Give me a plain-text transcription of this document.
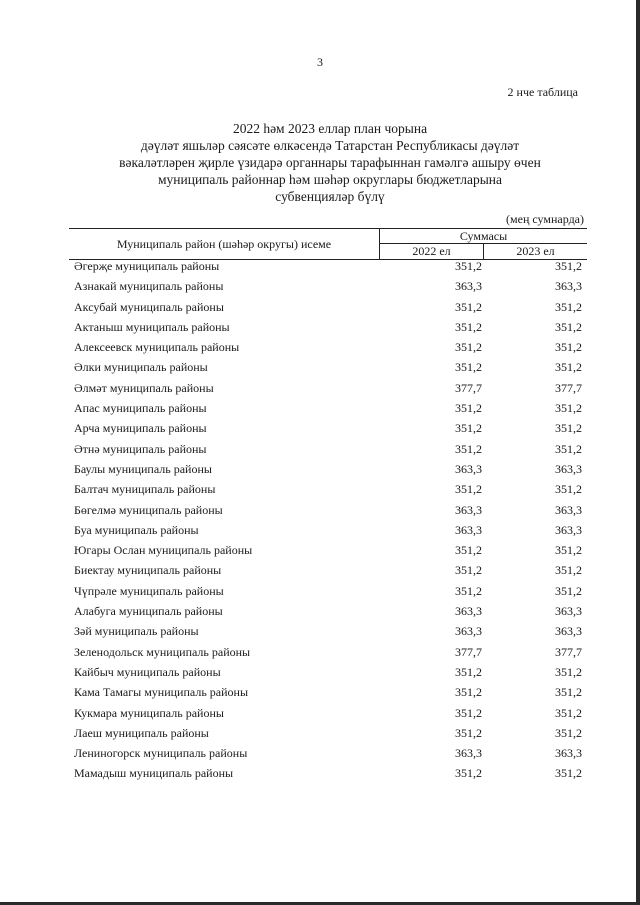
3
2 нче таблица
2022 һәм 2023 еллар план чорына
дәүләт яшьләр сәясәте өлкәсендә Татарстан Республикасы дәүләт
вәкаләтләрен җирле үзидарә органнары тарафыннан гамәлгә ашыру өчен
муниципаль районнар һәм шәһәр округлары бюджетларына
субвенцияләр бүлү
(мең сумнарда)
Муниципаль район (шәһәр округы) исеме
Суммасы
2022 ел	2023 ел
Әгерҗе муниципаль районы	351,2	351,2
Азнакай муниципаль районы	363,3	363,3
Аксубай муниципаль районы	351,2	351,2
Актаныш муниципаль районы	351,2	351,2
Алексеевск муниципаль районы	351,2	351,2
Әлки муниципаль районы	351,2	351,2
Әлмәт муниципаль районы	377,7	377,7
Апас муниципаль районы	351,2	351,2
Арча муниципаль районы	351,2	351,2
Әтнә муниципаль районы	351,2	351,2
Баулы муниципаль районы	363,3	363,3
Балтач муниципаль районы	351,2	351,2
Бөгелмә муниципаль районы	363,3	363,3
Буа муниципаль районы	363,3	363,3
Югары Ослан муниципаль районы	351,2	351,2
Биектау муниципаль районы	351,2	351,2
Чүпрәле муниципаль районы	351,2	351,2
Алабуга муниципаль районы	363,3	363,3
Зәй муниципаль районы	363,3	363,3
Зеленодольск муниципаль районы	377,7	377,7
Кайбыч муниципаль районы	351,2	351,2
Кама Тамагы муниципаль районы	351,2	351,2
Кукмара муниципаль районы	351,2	351,2
Лаеш муниципаль районы	351,2	351,2
Лениногорск муниципаль районы	363,3	363,3
Мамадыш муниципаль районы	351,2	351,2
